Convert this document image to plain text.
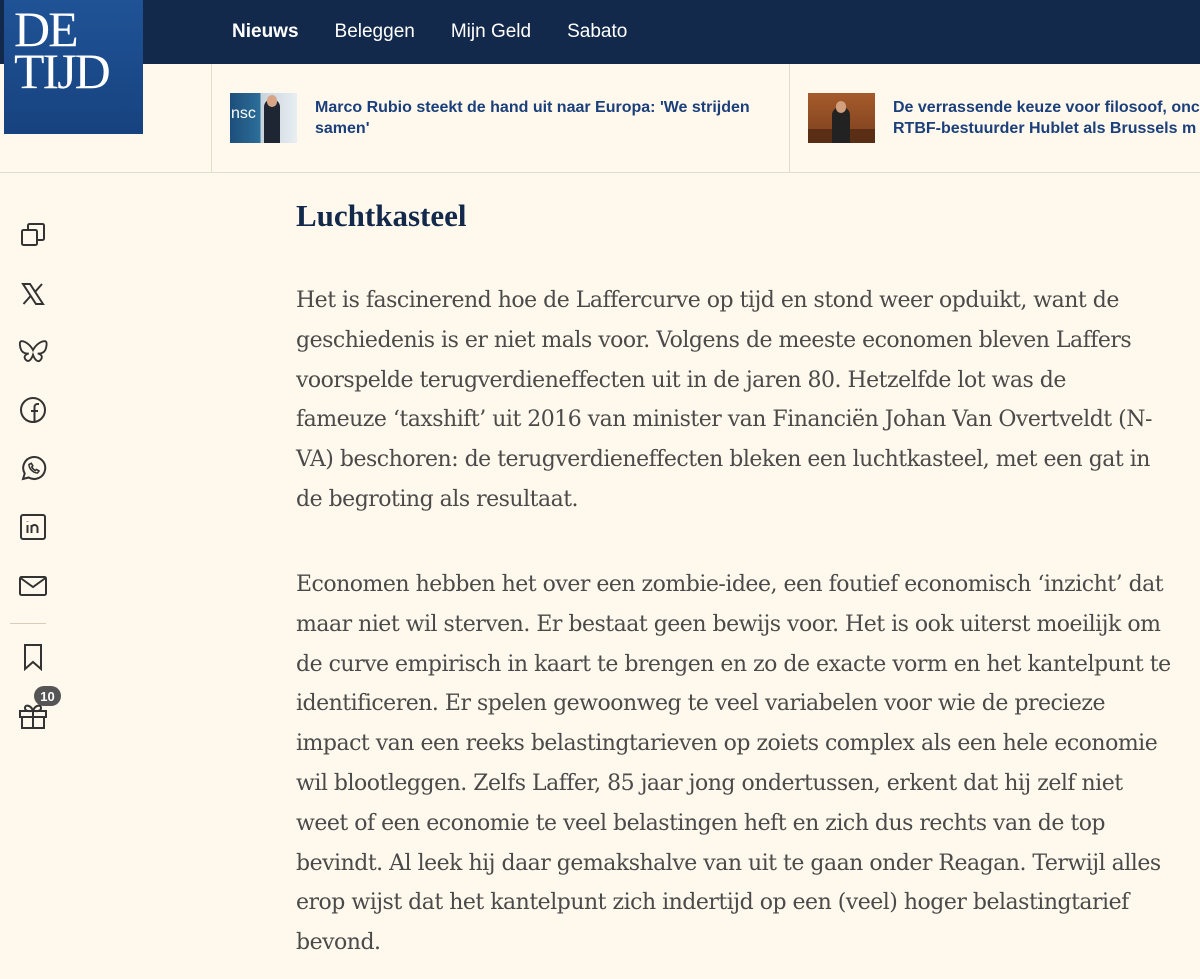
Nieuws Beleggen Mijn Geld Sabato
DE
TIJD
nsc	Marco Rubio steekt de hand uit naar Europa: 'We strijden samen'
De verrassende keuze voor filosoof, onc RTBF-bestuurder Hublet als Brussels m
10
Luchtkasteel

Het is fascinerend hoe de Laffercurve op tijd en stond weer opduikt, want de geschiedenis is er niet mals voor. Volgens de meeste economen bleven Laffers voorspelde terugverdieneffecten uit in de jaren 80. Hetzelfde lot was de fameuze ‘taxshift’ uit 2016 van minister van Financiën Johan Van Overtveldt (N-VA) beschoren: de terugverdieneffecten bleken een luchtkasteel, met een gat in de begroting als resultaat.

Economen hebben het over een zombie-idee, een foutief economisch ‘inzicht’ dat maar niet wil sterven. Er bestaat geen bewijs voor. Het is ook uiterst moeilijk om de curve empirisch in kaart te brengen en zo de exacte vorm en het kantelpunt te identificeren. Er spelen gewoonweg te veel variabelen voor wie de precieze impact van een reeks belastingtarieven op zoiets complex als een hele economie wil blootleggen. Zelfs Laffer, 85 jaar jong ondertussen, erkent dat hij zelf niet weet of een economie te veel belastingen heft en zich dus rechts van de top bevindt. Al leek hij daar gemakshalve van uit te gaan onder Reagan. Terwijl alles erop wijst dat het kantelpunt zich indertijd op een (veel) hoger belastingtarief bevond.
